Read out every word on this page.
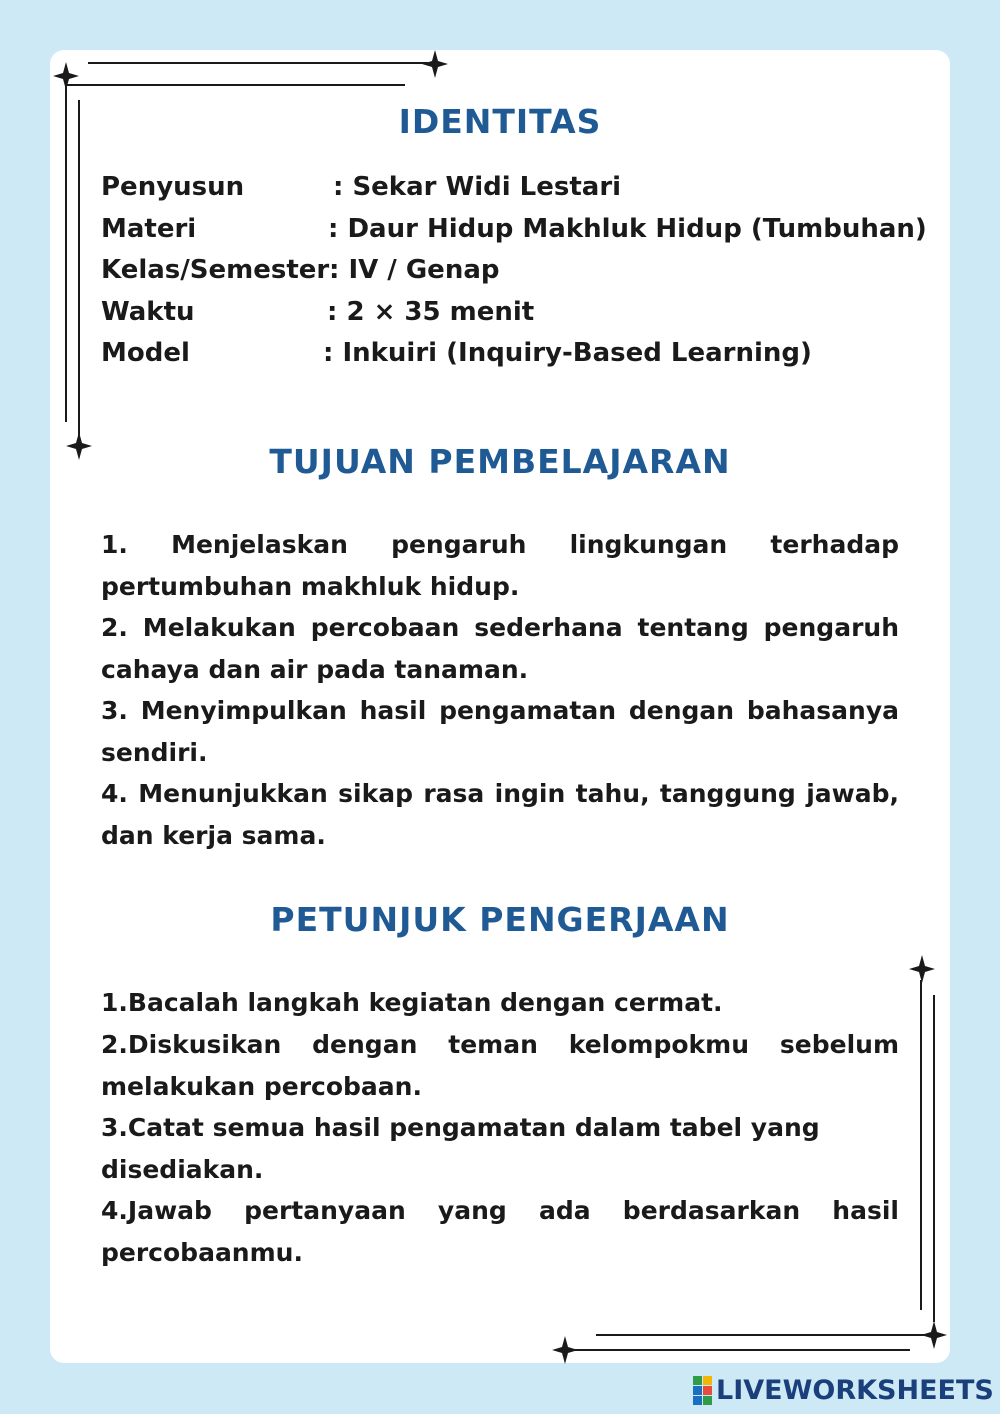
IDENTITAS
Penyusun	: Sekar Widi Lestari
Materi	: Daur Hidup Makhluk Hidup (Tumbuhan)
Kelas/Semester : IV / Genap
Waktu	: 2 × 35 menit
Model	: Inkuiri (Inquiry-Based Learning)
TUJUAN PEMBELAJARAN

1. Menjelaskan pengaruh lingkungan terhadap pertumbuhan makhluk hidup.

2. Melakukan percobaan sederhana tentang pengaruh cahaya dan air pada tanaman.

3. Menyimpulkan hasil pengamatan dengan bahasanya sendiri.

4. Menunjukkan sikap rasa ingin tahu, tanggung jawab, dan kerja sama.

PETUNJUK PENGERJAAN

1.Bacalah langkah kegiatan dengan cermat.

2.Diskusikan dengan teman kelompokmu sebelum melakukan percobaan.

3.Catat semua hasil pengamatan dalam tabel yang disediakan.

4.Jawab pertanyaan yang ada berdasarkan hasil percobaanmu.

LIVEWORKSHEETS
